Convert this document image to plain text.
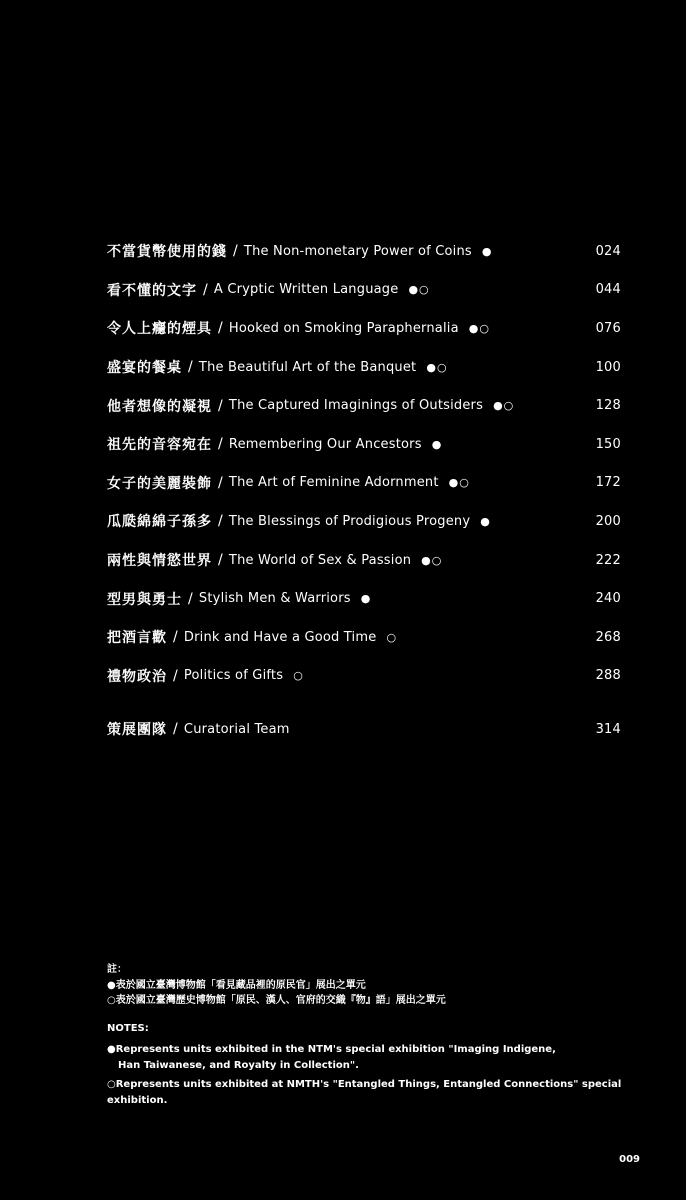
不當貨幣使用的錢 / The Non-monetary Power of Coins ●	024
看不懂的文字 / A Cryptic Written Language ●○	044
令人上癮的煙具 / Hooked on Smoking Paraphernalia ●○	076
盛宴的餐桌 / The Beautiful Art of the Banquet ●○	100
他者想像的凝視 / The Captured Imaginings of Outsiders ●○	128
祖先的音容宛在 / Remembering Our Ancestors ●	150
女子的美麗裝飾 / The Art of Feminine Adornment ●○	172
瓜瓞綿綿子孫多 / The Blessings of Prodigious Progeny ●	200
兩性與情慾世界 / The World of Sex & Passion ●○	222
型男與勇士 / Stylish Men & Warriors ●	240
把酒言歡 / Drink and Have a Good Time ○	268
禮物政治 / Politics of Gifts ○	288
策展團隊 / Curatorial Team	314

註：

●表於國立臺灣博物館「看見藏品裡的原民官」展出之單元

○表於國立臺灣歷史博物館「原民、漢人、官府的交織『物』語」展出之單元

NOTES:

●Represents units exhibited in the NTM's special exhibition "Imaging Indigene,

Han Taiwanese, and Royalty in Collection".

○Represents units exhibited at NMTH's "Entangled Things, Entangled Connections" special exhibition.

009
